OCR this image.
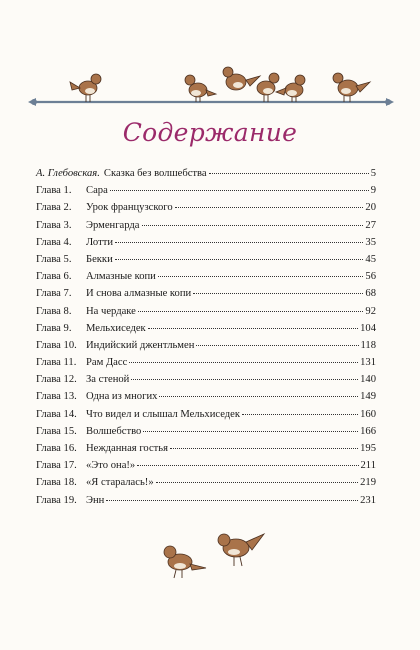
Содержание
А. Глебовская. Сказка без волшебства	5
Глава 1.	Сара	9
Глава 2.	Урок французского	20
Глава 3.	Эрменгарда	27
Глава 4.	Лотти	35
Глава 5.	Бекки	45
Глава 6.	Алмазные копи	56
Глава 7.	И снова алмазные копи	68
Глава 8.	На чердаке	92
Глава 9.	Мельхиседек	104
Глава 10. Индийский джентльмен	118
Глава 11. Рам Дасс	131
Глава 12. За стеной	140
Глава 13. Одна из многих	149
Глава 14. Что видел и слышал Мельхиседек	160
Глава 15. Волшебство	166
Глава 16. Нежданная гостья	195
Глава 17. «Это она!»	211
Глава 18. «Я старалась!»	219
Глава 19. Энн	231
